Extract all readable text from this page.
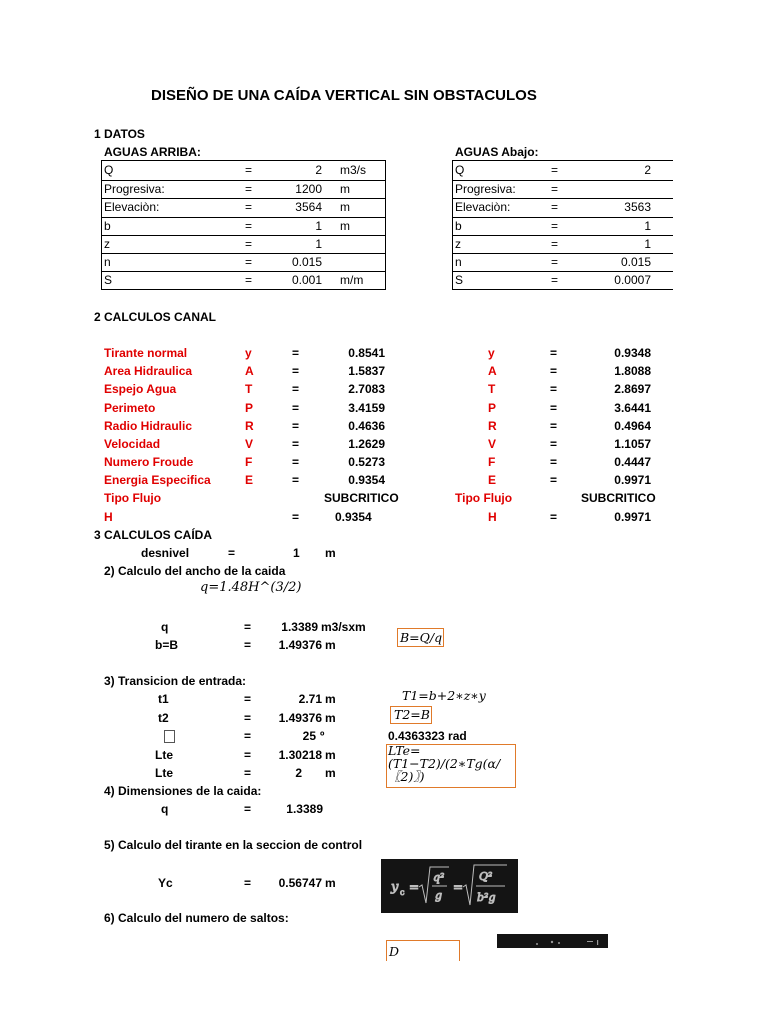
DISEÑO DE UNA CAÍDA VERTICAL SIN OBSTACULOS
1 DATOS
AGUAS ARRIBA:	AGUAS Abajo:
Q	=	2 m3/s
Progresiva:	=	1200 m
Elevaciòn:	=	3564 m
b	=	1 m
z	=	1
n	=	0.015
S	=	0.001 m/m
Q	=	2
Progresiva:	=
Elevaciòn:	=	3563
b	=	1
z	=	1
n	=	0.015
S	=	0.0007
2 CALCULOS CANAL
Tirante normal	y	=	0.8541	y	=	0.9348
Area Hidraulica	A	=	1.5837	A	=	1.8088
Espejo Agua	T	=	2.7083	T	=	2.8697
Perimeto	P	=	3.4159	P	=	3.6441
Radio Hidraulic	R	=	0.4636	R	=	0.4964
Velocidad	V	=	1.2629	V	=	1.1057
Numero Froude	F	=	0.5273	F	=	0.4447
Energia Especifica	E	=	0.9354	E	=	0.9971
Tipo Flujo	SUBCRITICO	Tipo Flujo	SUBCRITICO
H	=	0.9354	H	=	0.9971
3 CALCULOS CAÍDA
desnivel	=	1 m
2) Calculo del ancho de la caida
q=1.48H^(3/2)
q	=	1.3389 m3/sxm
b=B	=	1.49376 m	B=Q/q
3) Transicion de entrada:
t1	=	2.71 m
t2	=	1.49376 m
=	25 º	0.4363323 rad
Lte	=	1.30218 m
Lte	=	2 m
T1=b+2∗z∗y
T2=B
LTe=
(T1−T2)/(2∗Tg(α/
〖2)〗)
4) Dimensiones de la caida:
q	=	1.3389
5) Calculo del tirante en la seccion de control
Yc	=	0.56747 m	y c =
q²
g
=
Q²
b²g
6) Calculo del numero de saltos:
D
